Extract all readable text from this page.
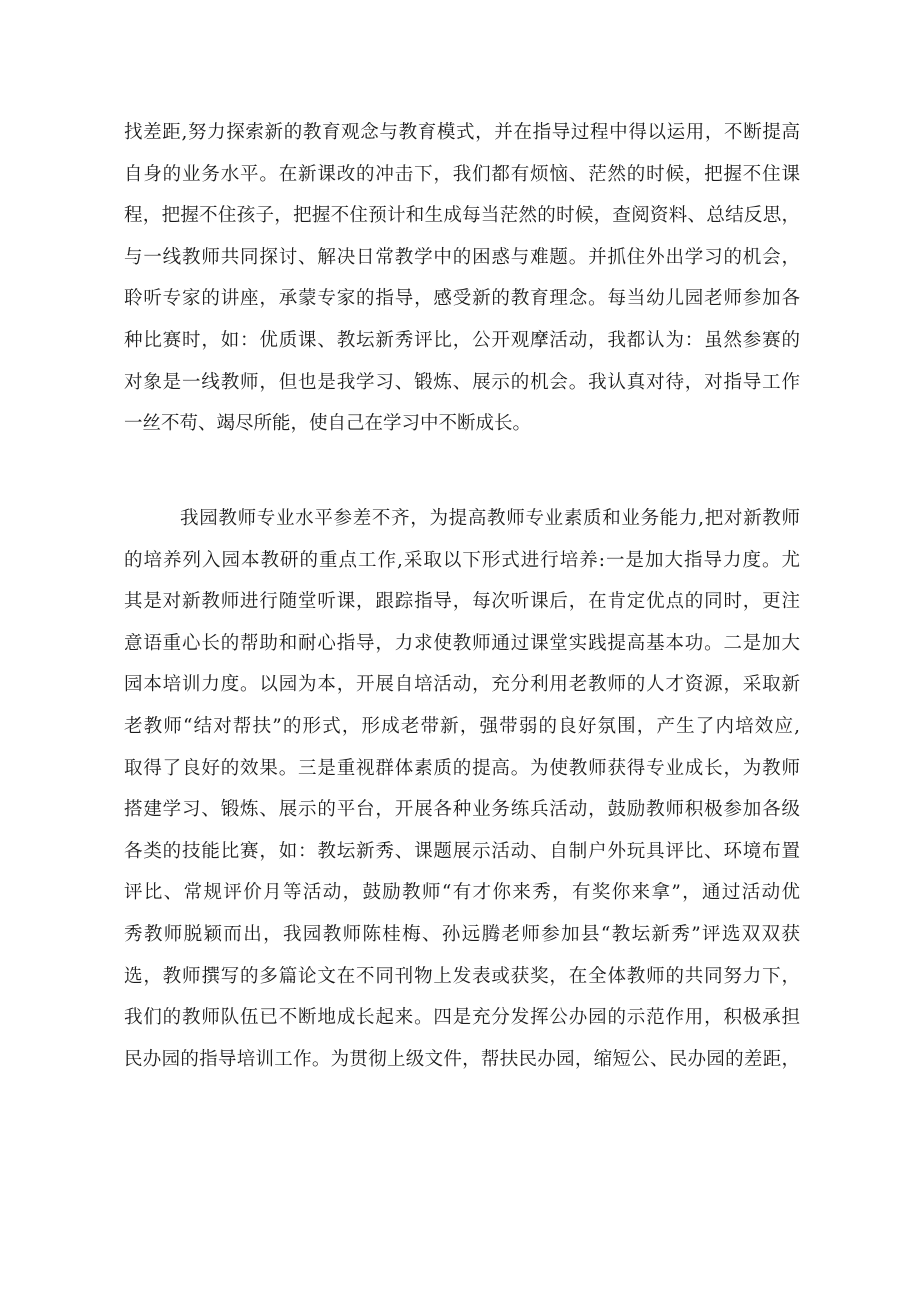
找差距,努力探索新的教育观念与教育模式，并在指导过程中得以运用，不断提高
自身的业务水平。在新课改的冲击下，我们都有烦恼、茫然的时候，把握不住课
程，把握不住孩子，把握不住预计和生成每当茫然的时候，查阅资料、总结反思，
与一线教师共同探讨、解决日常教学中的困惑与难题。并抓住外出学习的机会，
聆听专家的讲座，承蒙专家的指导，感受新的教育理念。每当幼儿园老师参加各
种比赛时，如：优质课、教坛新秀评比，公开观摩活动，我都认为：虽然参赛的
对象是一线教师，但也是我学习、锻炼、展示的机会。我认真对待，对指导工作
一丝不苟、竭尽所能，使自己在学习中不断成长。
我园教师专业水平参差不齐，为提高教师专业素质和业务能力,把对新教师
的培养列入园本教研的重点工作,采取以下形式进行培养:一是加大指导力度。尤
其是对新教师进行随堂听课，跟踪指导，每次听课后，在肯定优点的同时，更注
意语重心长的帮助和耐心指导，力求使教师通过课堂实践提高基本功。二是加大
园本培训力度。以园为本，开展自培活动，充分利用老教师的人才资源，采取新
老教师“结对帮扶”的形式，形成老带新，强带弱的良好氛围，产生了内培效应,
取得了良好的效果。三是重视群体素质的提高。为使教师获得专业成长，为教师
搭建学习、锻炼、展示的平台，开展各种业务练兵活动，鼓励教师积极参加各级
各类的技能比赛，如：教坛新秀、课题展示活动、自制户外玩具评比、环境布置
评比、常规评价月等活动，鼓励教师“有才你来秀，有奖你来拿”，通过活动优
秀教师脱颖而出，我园教师陈桂梅、孙远腾老师参加县“教坛新秀”评选双双获
选，教师撰写的多篇论文在不同刊物上发表或获奖，在全体教师的共同努力下，
我们的教师队伍已不断地成长起来。四是充分发挥公办园的示范作用，积极承担
民办园的指导培训工作。为贯彻上级文件，帮扶民办园，缩短公、民办园的差距，
